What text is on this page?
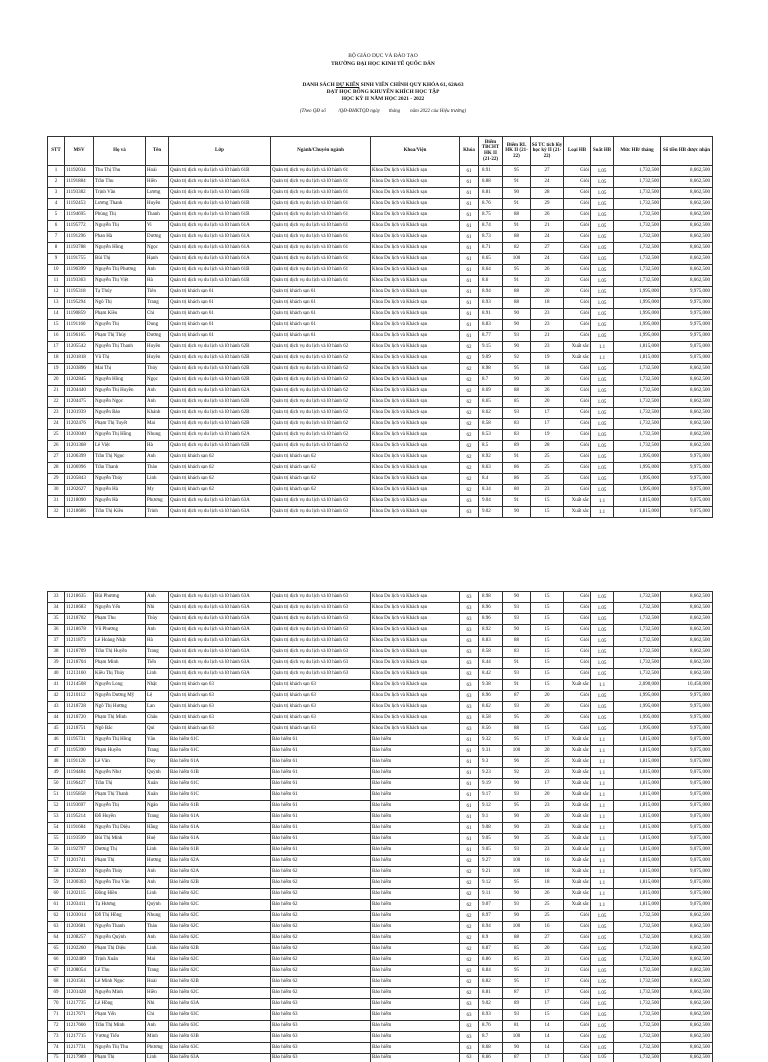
BỘ GIÁO DỤC VÀ ĐÀO TẠO
TRƯỜNG ĐẠI HỌC KINH TẾ QUỐC DÂN
DANH SÁCH DỰ KIẾN SINH VIÊN CHÍNH QUY KHÓA 61, 62&63
ĐẠT HỌC BỔNG KHUYẾN KHÍCH HỌC TẬP
HỌC KỲ II NĂM HỌC 2021 - 2022
(Theo QĐ số          /QĐ-ĐHKTQD ngày       tháng        năm 2022 của Hiệu trưởng)
STT	MSV	Họ và	Tên	Lớp	Ngành/Chuyên ngành	Khoa/Viện	Khóa	Điểm TBCHT HK II (21-22)	Điểm RL HK II (21-22)	Số TC tích lũy học kỳ II (21-22)	Loại HB	Suất HB	Mức HB/ tháng	Số tiền HB được nhận
1	11192034	Thu Thị Thu	Hoài	Quản trị dịch vụ du lịch và lữ hành 61B	Quản trị dịch vụ du lịch và lữ hành 61	Khoa Du lịch và Khách sạn	61	8.91	95	27	Giỏi	1.05	1,732,500	8,662,500
2	11191884	Trần Thu	Hiền	Quản trị dịch vụ du lịch và lữ hành 61A	Quản trị dịch vụ du lịch và lữ hành 61	Khoa Du lịch và Khách sạn	61	8.88	91	24	Giỏi	1.05	1,732,500	8,662,500
3	11193382	Trịnh Văn	Lương	Quản trị dịch vụ du lịch và lữ hành 61B	Quản trị dịch vụ du lịch và lữ hành 61	Khoa Du lịch và Khách sạn	61	8.81	90	28	Giỏi	1.05	1,732,500	8,662,500
4	11192453	Lương Thanh	Huyền	Quản trị dịch vụ du lịch và lữ hành 61B	Quản trị dịch vụ du lịch và lữ hành 61	Khoa Du lịch và Khách sạn	61	8.76	91	29	Giỏi	1.05	1,732,500	8,662,500
5	11194695	Phùng Thị	Thanh	Quản trị dịch vụ du lịch và lữ hành 61B	Quản trị dịch vụ du lịch và lữ hành 61	Khoa Du lịch và Khách sạn	61	8.75	88	26	Giỏi	1.05	1,732,500	8,662,500
6	11195772	Nguyễn Thị	Vi	Quản trị dịch vụ du lịch và lữ hành 61A	Quản trị dịch vụ du lịch và lữ hành 61	Khoa Du lịch và Khách sạn	61	8.74	91	21	Giỏi	1.05	1,732,500	8,662,500
7	11191296	Phan Hà	Dương	Quản trị dịch vụ du lịch và lữ hành 61A	Quản trị dịch vụ du lịch và lữ hành 61	Khoa Du lịch và Khách sạn	61	8.73	88	24	Giỏi	1.05	1,732,500	8,662,500
8	11193788	Nguyễn Hồng	Ngọc	Quản trị dịch vụ du lịch và lữ hành 61A	Quản trị dịch vụ du lịch và lữ hành 61	Khoa Du lịch và Khách sạn	61	8.71	82	27	Giỏi	1.05	1,732,500	8,662,500
9	11191755	Bùi Thị	Hạnh	Quản trị dịch vụ du lịch và lữ hành 61A	Quản trị dịch vụ du lịch và lữ hành 61	Khoa Du lịch và Khách sạn	61	8.65	100	24	Giỏi	1.05	1,732,500	8,662,500
10	11190399	Nguyễn Thị Phương	Anh	Quản trị dịch vụ du lịch và lữ hành 61B	Quản trị dịch vụ du lịch và lữ hành 61	Khoa Du lịch và Khách sạn	61	8.64	95	26	Giỏi	1.05	1,732,500	8,662,500
11	11193363	Nguyễn Thị Việt	Hà	Quản trị dịch vụ du lịch và lữ hành 61B	Quản trị dịch vụ du lịch và lữ hành 61	Khoa Du lịch và Khách sạn	61	8.6	91	23	Giỏi	1.05	1,732,500	8,662,500
12	11195318	Tạ Thúy	Tiên	Quản trị khách sạn 61	Quản trị khách sạn 61	Khoa Du lịch và Khách sạn	61	8.94	88	20	Giỏi	1.05	1,995,000	9,975,000
13	11195294	Ngô Thị	Trang	Quản trị khách sạn 61	Quản trị khách sạn 61	Khoa Du lịch và Khách sạn	61	8.93	88	18	Giỏi	1.05	1,995,000	9,975,000
14	11190859	Phạm Kiều	Chi	Quản trị khách sạn 61	Quản trị khách sạn 61	Khoa Du lịch và Khách sạn	61	8.91	90	23	Giỏi	1.05	1,995,000	9,975,000
15	11191160	Nguyễn Thị	Dung	Quản trị khách sạn 61	Quản trị khách sạn 61	Khoa Du lịch và Khách sạn	61	8.83	90	23	Giỏi	1.05	1,995,000	9,975,000
16	11196165	Phạm Thị Thùy	Dương	Quản trị khách sạn 61	Quản trị khách sạn 61	Khoa Du lịch và Khách sạn	61	8.77	93	21	Giỏi	1.05	1,995,000	9,975,000
17	11205542	Nguyễn Thị Thanh	Huyền	Quản trị dịch vụ du lịch và lữ hành 62B	Quản trị dịch vụ du lịch và lữ hành 62	Khoa Du lịch và Khách sạn	62	9.15	90	23	Xuất sắc	1.1	1,815,000	9,075,000
18	11201818	Vũ Thị	Huyền	Quản trị dịch vụ du lịch và lữ hành 62B	Quản trị dịch vụ du lịch và lữ hành 62	Khoa Du lịch và Khách sạn	62	9.09	92	19	Xuất sắc	1.1	1,815,000	9,075,000
19	11203896	Mai Thị	Thủy	Quản trị dịch vụ du lịch và lữ hành 62B	Quản trị dịch vụ du lịch và lữ hành 62	Khoa Du lịch và Khách sạn	62	8.98	95	18	Giỏi	1.05	1,732,500	8,662,500
20	11202845	Nguyễn Hồng	Ngọc	Quản trị dịch vụ du lịch và lữ hành 62B	Quản trị dịch vụ du lịch và lữ hành 62	Khoa Du lịch và Khách sạn	62	8.7	90	20	Giỏi	1.05	1,732,500	8,662,500
21	11204440	Nguyễn Thị Huyền	Anh	Quản trị dịch vụ du lịch và lữ hành 62A	Quản trị dịch vụ du lịch và lữ hành 62	Khoa Du lịch và Khách sạn	62	8.69	88	26	Giỏi	1.05	1,732,500	8,662,500
22	11204475	Nguyễn Ngọc	Anh	Quản trị dịch vụ du lịch và lữ hành 62B	Quản trị dịch vụ du lịch và lữ hành 62	Khoa Du lịch và Khách sạn	62	8.65	85	20	Giỏi	1.05	1,732,500	8,662,500
23	11201939	Nguyễn Bảo	Khánh	Quản trị dịch vụ du lịch và lữ hành 62B	Quản trị dịch vụ du lịch và lữ hành 62	Khoa Du lịch và Khách sạn	62	8.62	93	17	Giỏi	1.05	1,732,500	8,662,500
24	11202476	Phạm Thị Tuyết	Mai	Quản trị dịch vụ du lịch và lữ hành 62B	Quản trị dịch vụ du lịch và lữ hành 62	Khoa Du lịch và Khách sạn	62	8.58	83	17	Giỏi	1.05	1,732,500	8,662,500
25	11203040	Nguyễn Thị Hồng	Nhung	Quản trị dịch vụ du lịch và lữ hành 62A	Quản trị dịch vụ du lịch và lữ hành 62	Khoa Du lịch và Khách sạn	62	8.53	83	19	Giỏi	1.05	1,732,500	8,662,500
26	11201368	Lê Việt	Hà	Quản trị dịch vụ du lịch và lữ hành 62B	Quản trị dịch vụ du lịch và lữ hành 62	Khoa Du lịch và Khách sạn	62	8.5	89	28	Giỏi	1.05	1,732,500	8,662,500
27	11206399	Trần Thị Ngọc	Anh	Quản trị khách sạn 62	Quản trị khách sạn 62	Khoa Du lịch và Khách sạn	62	8.92	91	25	Giỏi	1.05	1,995,000	9,975,000
28	11206996	Trần Thanh	Thảo	Quản trị khách sạn 62	Quản trị khách sạn 62	Khoa Du lịch và Khách sạn	62	8.63	86	25	Giỏi	1.05	1,995,000	9,975,000
29	11205843	Nguyễn Thúy	Linh	Quản trị khách sạn 62	Quản trị khách sạn 62	Khoa Du lịch và Khách sạn	62	8.4	86	25	Giỏi	1.05	1,995,000	9,975,000
30	11202627	Nguyễn Hà	My	Quản trị khách sạn 62	Quản trị khách sạn 62	Khoa Du lịch và Khách sạn	62	8.34	80	23	Giỏi	1.05	1,995,000	9,975,000
31	11218090	Nguyễn Hà	Phương	Quản trị dịch vụ du lịch và lữ hành 63A	Quản trị dịch vụ du lịch và lữ hành 63	Khoa Du lịch và Khách sạn	63	9.04	91	15	Xuất sắc	1.1	1,815,000	9,075,000
32	11218686	Trần Thị Kiều	Trinh	Quản trị dịch vụ du lịch và lữ hành 63A	Quản trị dịch vụ du lịch và lữ hành 63	Khoa Du lịch và Khách sạn	63	9.02	90	15	Xuất sắc	1.1	1,815,000	9,075,000
33	11218635	Bùi Phương	Anh	Quản trị dịch vụ du lịch và lữ hành 63A	Quản trị dịch vụ du lịch và lữ hành 63	Khoa Du lịch và Khách sạn	63	8.98	90	15	Giỏi	1.05	1,732,500	8,662,500
34	11218683	Nguyễn Yến	Nhi	Quản trị dịch vụ du lịch và lữ hành 63A	Quản trị dịch vụ du lịch và lữ hành 63	Khoa Du lịch và Khách sạn	63	8.96	93	15	Giỏi	1.05	1,732,500	8,662,500
35	11218702	Phạm Thu	Thùy	Quản trị dịch vụ du lịch và lữ hành 63A	Quản trị dịch vụ du lịch và lữ hành 63	Khoa Du lịch và Khách sạn	63	8.96	93	15	Giỏi	1.05	1,732,500	8,662,500
36	11218678	Vũ Phương	Anh	Quản trị dịch vụ du lịch và lữ hành 63A	Quản trị dịch vụ du lịch và lữ hành 63	Khoa Du lịch và Khách sạn	63	8.92	90	15	Giỏi	1.05	1,732,500	8,662,500
37	11211873	Lê Hoàng Nhật	Hà	Quản trị dịch vụ du lịch và lữ hành 63A	Quản trị dịch vụ du lịch và lữ hành 63	Khoa Du lịch và Khách sạn	63	8.83	88	15	Giỏi	1.05	1,732,500	8,662,500
38	11218709	Trần Thị Huyền	Trang	Quản trị dịch vụ du lịch và lữ hành 63A	Quản trị dịch vụ du lịch và lữ hành 63	Khoa Du lịch và Khách sạn	63	8.58	83	15	Giỏi	1.05	1,732,500	8,662,500
39	11218704	Phạm Minh	Tiến	Quản trị dịch vụ du lịch và lữ hành 63A	Quản trị dịch vụ du lịch và lữ hành 63	Khoa Du lịch và Khách sạn	63	8.44	91	15	Giỏi	1.05	1,732,500	8,662,500
40	11213160	Kiều Thị Thúy	Linh	Quản trị dịch vụ du lịch và lữ hành 63A	Quản trị dịch vụ du lịch và lữ hành 63	Khoa Du lịch và Khách sạn	63	8.42	93	15	Giỏi	1.05	1,732,500	8,662,500
41	11214508	Nguyễn Long	Nhật	Quản trị khách sạn 63	Quản trị khách sạn 63	Khoa Du lịch và Khách sạn	63	9.38	91	15	Xuất sắc	1.1	2,090,000	10,450,000
42	11210112	Nguyễn Dương Mỹ	Lệ	Quản trị khách sạn 63	Quản trị khách sạn 63	Khoa Du lịch và Khách sạn	63	8.96	87	20	Giỏi	1.05	1,995,000	9,975,000
43	11218728	Ngô Thị Hương	Lan	Quản trị khách sạn 63	Quản trị khách sạn 63	Khoa Du lịch và Khách sạn	63	8.62	93	20	Giỏi	1.05	1,995,000	9,975,000
44	11218720	Phạm Thị Minh	Châu	Quản trị khách sạn 63	Quản trị khách sạn 63	Khoa Du lịch và Khách sạn	63	8.58	95	20	Giỏi	1.05	1,995,000	9,975,000
45	11218751	Ngô Bắc	Quí	Quản trị khách sạn 63	Quản trị khách sạn 63	Khoa Du lịch và Khách sạn	63	8.56	88	15	Giỏi	1.05	1,995,000	9,975,000
46	11195731	Nguyễn Thị Hồng	Vân	Bảo hiểm 61C	Bảo hiểm 61	Bảo hiểm	61	9.32	95	17	Xuất sắc	1.1	1,815,000	9,075,000
47	11195390	Phạm Huyền	Trang	Bảo hiểm 61C	Bảo hiểm 61	Bảo hiểm	61	9.31	100	20	Xuất sắc	1.1	1,815,000	9,075,000
48	11191120	Lê Văn	Duy	Bảo hiểm 61A	Bảo hiểm 61	Bảo hiểm	61	9.3	96	25	Xuất sắc	1.1	1,815,000	9,075,000
49	11194484	Nguyễn Như	Quỳnh	Bảo hiểm 61B	Bảo hiểm 61	Bảo hiểm	61	9.23	92	23	Xuất sắc	1.1	1,815,000	9,075,000
50	11196427	Trần Thị	Xuân	Bảo hiểm 61C	Bảo hiểm 61	Bảo hiểm	61	9.19	90	17	Xuất sắc	1.1	1,815,000	9,075,000
51	11195858	Phạm Thị Thanh	Xuân	Bảo hiểm 61C	Bảo hiểm 61	Bảo hiểm	61	9.17	93	20	Xuất sắc	1.1	1,815,000	9,075,000
52	11193697	Nguyễn Thị	Ngân	Bảo hiểm 61B	Bảo hiểm 61	Bảo hiểm	61	9.12	95	23	Xuất sắc	1.1	1,815,000	9,075,000
53	11195214	Đỗ Huyền	Trang	Bảo hiểm 61A	Bảo hiểm 61	Bảo hiểm	61	9.1	90	20	Xuất sắc	1.1	1,815,000	9,075,000
54	11191684	Nguyễn Thị Diệu	Hằng	Bảo hiểm 61A	Bảo hiểm 61	Bảo hiểm	61	9.08	90	23	Xuất sắc	1.1	1,815,000	9,075,000
55	11193599	Bùi Thị Minh	Huệ	Bảo hiểm 61A	Bảo hiểm 61	Bảo hiểm	61	9.05	90	25	Xuất sắc	1.1	1,815,000	9,075,000
56	11192797	Dương Thị	Linh	Bảo hiểm 61B	Bảo hiểm 61	Bảo hiểm	61	9.05	93	23	Xuất sắc	1.1	1,815,000	9,075,000
57	11201741	Phạm Thị	Hương	Bảo hiểm 62A	Bảo hiểm 62	Bảo hiểm	62	9.27	100	16	Xuất sắc	1.1	1,815,000	9,075,000
58	11202240	Nguyễn Thủy	Anh	Bảo hiểm 62A	Bảo hiểm 62	Bảo hiểm	62	9.21	100	18	Xuất sắc	1.1	1,815,000	9,075,000
59	11200303	Nguyễn Thu Vân	Anh	Bảo hiểm 62B	Bảo hiểm 62	Bảo hiểm	62	9.12	95	18	Xuất sắc	1.1	1,815,000	9,075,000
60	11202115	Đồng Hiền	Linh	Bảo hiểm 62C	Bảo hiểm 62	Bảo hiểm	62	9.11	90	26	Xuất sắc	1.1	1,815,000	9,075,000
61	11203411	Tạ Hương	Quỳnh	Bảo hiểm 62C	Bảo hiểm 62	Bảo hiểm	62	9.07	93	25	Xuất sắc	1.1	1,815,000	9,075,000
62	11203014	Đỗ Thị Hồng	Nhung	Bảo hiểm 62C	Bảo hiểm 62	Bảo hiểm	62	8.97	90	25	Giỏi	1.05	1,732,500	8,662,500
63	11203681	Nguyễn Thanh	Thảo	Bảo hiểm 62C	Bảo hiểm 62	Bảo hiểm	62	8.94	100	16	Giỏi	1.05	1,732,500	8,662,500
64	11208257	Nguyễn Quỳnh	Anh	Bảo hiểm 62C	Bảo hiểm 62	Bảo hiểm	62	8.9	88	27	Giỏi	1.05	1,732,500	8,662,500
65	11202260	Phạm Thị Diệu	Linh	Bảo hiểm 62B	Bảo hiểm 62	Bảo hiểm	62	8.87	85	20	Giỏi	1.05	1,732,500	8,662,500
66	11202489	Trịnh Xuân	Mai	Bảo hiểm 62C	Bảo hiểm 62	Bảo hiểm	62	8.86	85	23	Giỏi	1.05	1,732,500	8,662,500
67	11208054	Lê Thu	Trang	Bảo hiểm 62C	Bảo hiểm 62	Bảo hiểm	62	8.84	95	21	Giỏi	1.05	1,732,500	8,662,500
68	11201561	Lê Minh Ngọc	Hoài	Bảo hiểm 62B	Bảo hiểm 62	Bảo hiểm	62	8.82	95	17	Giỏi	1.05	1,732,500	8,662,500
69	11201428	Nguyễn Minh	Hiền	Bảo hiểm 62C	Bảo hiểm 62	Bảo hiểm	62	8.81	87	17	Giỏi	1.05	1,732,500	8,662,500
70	11217735	Lê Hồng	Nhi	Bảo hiểm 63A	Bảo hiểm 63	Bảo hiểm	63	9.02	89	17	Giỏi	1.05	1,732,500	8,662,500
71	11217671	Phạm Yến	Chi	Bảo hiểm 63C	Bảo hiểm 63	Bảo hiểm	63	8.93	93	15	Giỏi	1.05	1,732,500	8,662,500
72	11217666	Trần Thị Minh	Anh	Bảo hiểm 63C	Bảo hiểm 63	Bảo hiểm	63	8.76	81	14	Giỏi	1.05	1,732,500	8,662,500
73	11217715	Vương Tiểu	Minh	Bảo hiểm 63B	Bảo hiểm 63	Bảo hiểm	63	8.7	100	14	Giỏi	1.05	1,732,500	8,662,500
74	11217731	Nguyễn Thị Thu	Phương	Bảo hiểm 63C	Bảo hiểm 63	Bảo hiểm	63	8.68	90	14	Giỏi	1.05	1,732,500	8,662,500
75	11217989	Phạm Thị	Linh	Bảo hiểm 63A	Bảo hiểm 63	Bảo hiểm	63	8.66	87	17	Giỏi	1.05	1,732,500	8,662,500
